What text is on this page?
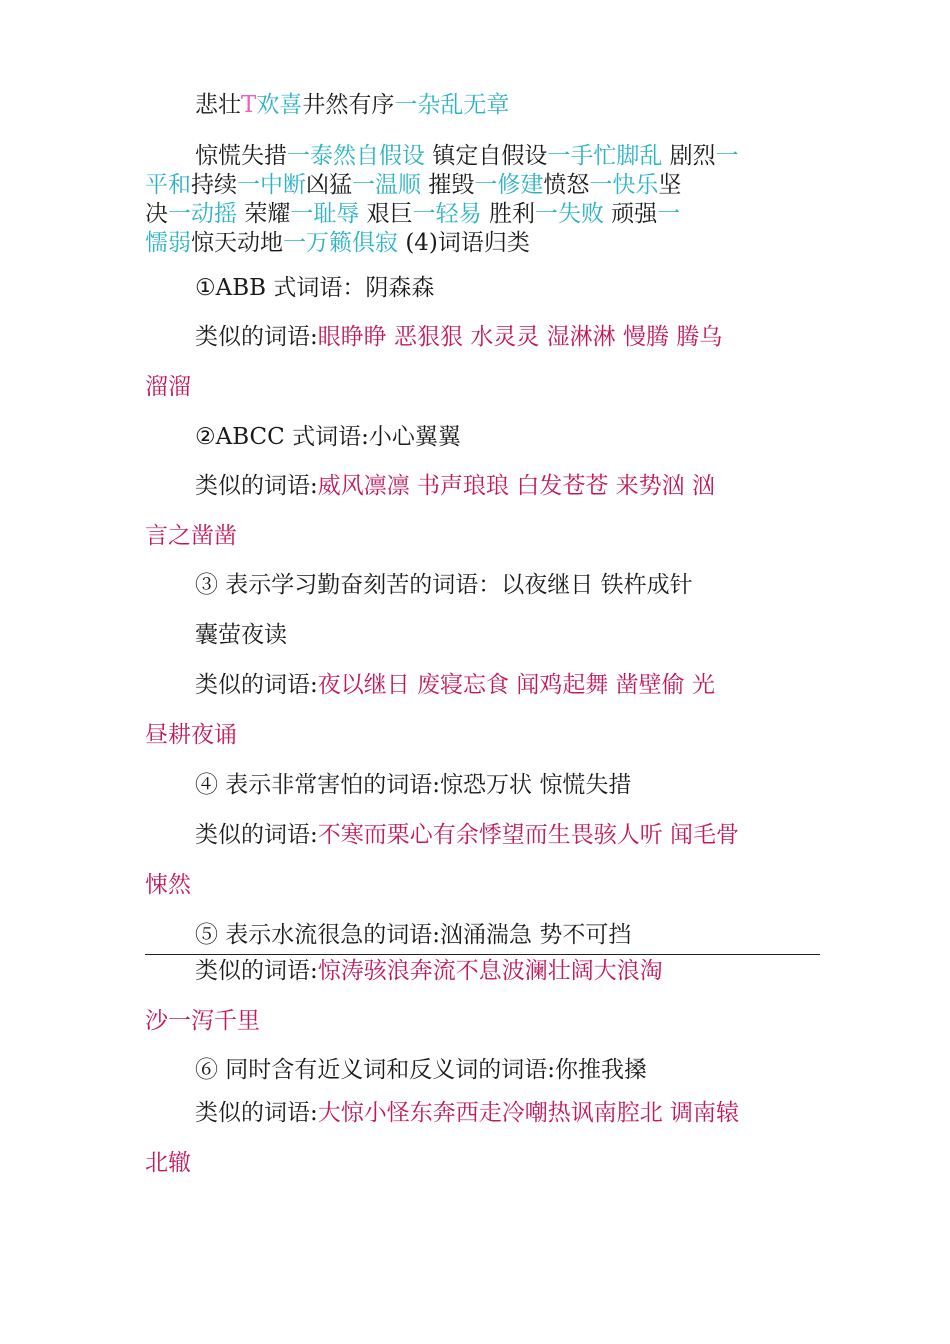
悲壮T欢喜井然有序一杂乱无章
惊慌失措一泰然自假设 镇定自假设一手忙脚乱 剧烈一
平和持续一中断凶猛一温顺 摧毁一修建愤怒一快乐坚
决一动摇 荣耀一耻辱 艰巨一轻易 胜利一失败 顽强一
懦弱惊天动地一万籁俱寂 (4)词语归类
①ABB 式词语：阴森森
类似的词语:眼睁睁 恶狠狠 水灵灵 湿淋淋 慢腾 腾乌
溜溜
②ABCC 式词语:小心翼翼
类似的词语:威风凛凛 书声琅琅 白发苍苍 来势汹 汹
言之凿凿
③ 表示学习勤奋刻苦的词语：以夜继日 铁杵成针
囊萤夜读
类似的词语:夜以继日 废寝忘食 闻鸡起舞 凿壁偷 光
昼耕夜诵
④ 表示非常害怕的词语:惊恐万状 惊慌失措
类似的词语:不寒而栗心有余悸望而生畏骇人听 闻毛骨
悚然
⑤ 表示水流很急的词语:汹涌湍急 势不可挡
类似的词语:惊涛骇浪奔流不息波澜壮阔大浪淘
沙一泻千里
⑥ 同时含有近义词和反义词的词语:你推我搡
类似的词语:大惊小怪东奔西走冷嘲热讽南腔北 调南辕
北辙
